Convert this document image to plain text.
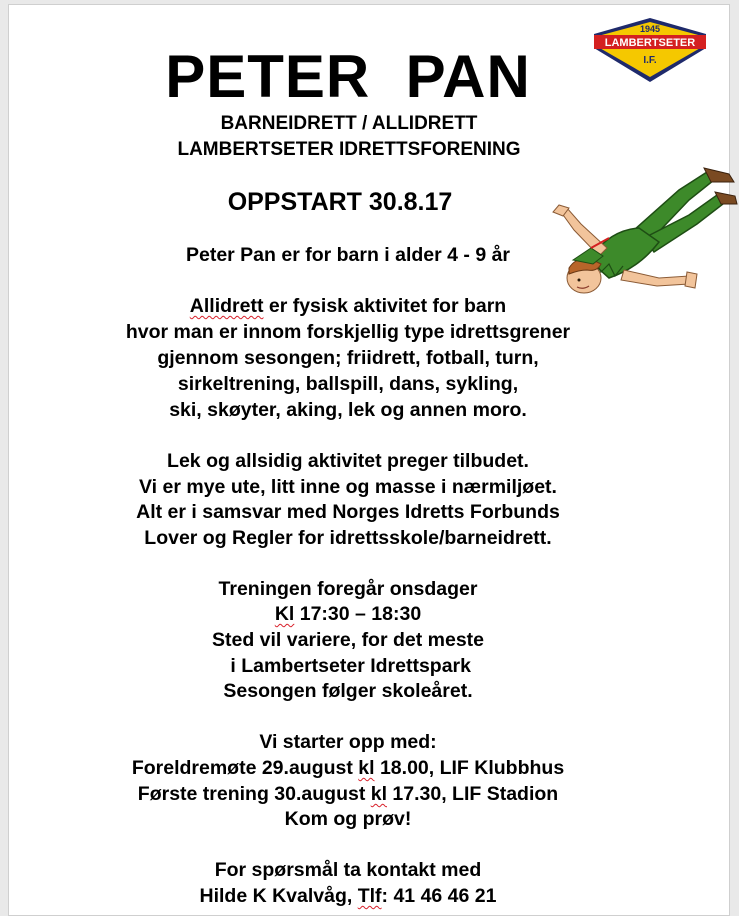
PETER  PAN
BARNEIDRETT / ALLIDRETT
LAMBERTSETER IDRETTSFORENING
OPPSTART 30.8.17
Peter Pan er for barn i alder 4 - 9 år
Allidrett er fysisk aktivitet for barn
hvor man er innom forskjellig type idrettsgrener
gjennom sesongen; friidrett, fotball, turn,
sirkeltrening, ballspill, dans, sykling,
ski, skøyter, aking, lek og annen moro.
Lek og allsidig aktivitet preger tilbudet.
Vi er mye ute, litt inne og masse i nærmiljøet.
Alt er i samsvar med Norges Idretts Forbunds
Lover og Regler for idrettsskole/barneidrett.
Treningen foregår onsdager
Kl 17:30 – 18:30
Sted vil variere, for det meste
i Lambertseter Idrettspark
Sesongen følger skoleåret.
Vi starter opp med:
Foreldremøte 29.august kl 18.00, LIF Klubbhus
Første trening 30.august kl 17.30, LIF Stadion
Kom og prøv!
For spørsmål ta kontakt med
Hilde K Kvalvåg, Tlf: 41 46 46 21
1945
LAMBERTSETER
I.F.
